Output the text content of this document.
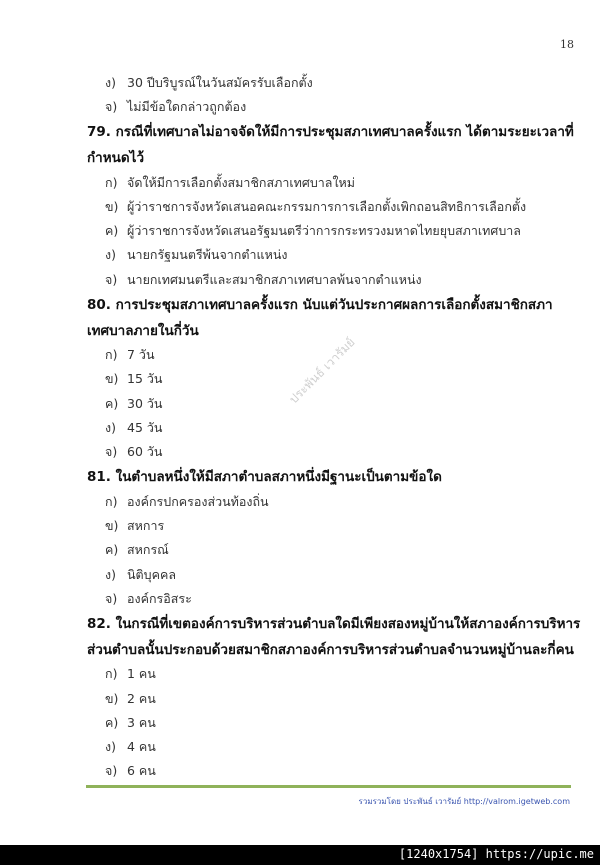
18
ประพันธ์ เวารัมย์
ง) 30 ปีบริบูรณ์ในวันสมัครรับเลือกตั้ง
จ) ไม่มีข้อใดกล่าวถูกต้อง
79. กรณีที่เทศบาลไม่อาจจัดให้มีการประชุมสภาเทศบาลครั้งแรก ได้ตามระยะเวลาที่
กำหนดไว้
ก) จัดให้มีการเลือกตั้งสมาชิกสภาเทศบาลใหม่
ข) ผู้ว่าราชการจังหวัดเสนอคณะกรรมการการเลือกตั้งเพิกถอนสิทธิการเลือกตั้ง
ค) ผู้ว่าราชการจังหวัดเสนอรัฐมนตรีว่าการกระทรวงมหาดไทยยุบสภาเทศบาล
ง) นายกรัฐมนตรีพ้นจากตำแหน่ง
จ) นายกเทศมนตรีและสมาชิกสภาเทศบาลพ้นจากตำแหน่ง
80. การประชุมสภาเทศบาลครั้งแรก นับแต่วันประกาศผลการเลือกตั้งสมาชิกสภา
เทศบาลภายในกี่วัน
ก) 7 วัน
ข) 15 วัน
ค) 30 วัน
ง) 45 วัน
จ) 60 วัน
81. ในตำบลหนึ่งให้มีสภาตำบลสภาหนึ่งมีฐานะเป็นตามข้อใด
ก) องค์กรปกครองส่วนท้องถิ่น
ข) สหการ
ค) สหกรณ์
ง) นิติบุคคล
จ) องค์กรอิสระ
82. ในกรณีที่เขตองค์การบริหารส่วนตำบลใดมีเพียงสองหมู่บ้านให้สภาองค์การบริหาร
ส่วนตำบลนั้นประกอบด้วยสมาชิกสภาองค์การบริหารส่วนตำบลจำนวนหมู่บ้านละกี่คน
ก) 1 คน
ข) 2 คน
ค) 3 คน
ง) 4 คน
จ) 6 คน
รวมรวมโดย ประพันธ์ เวารัมย์ http://valrom.igetweb.com
[1240x1754] https://upic.me
